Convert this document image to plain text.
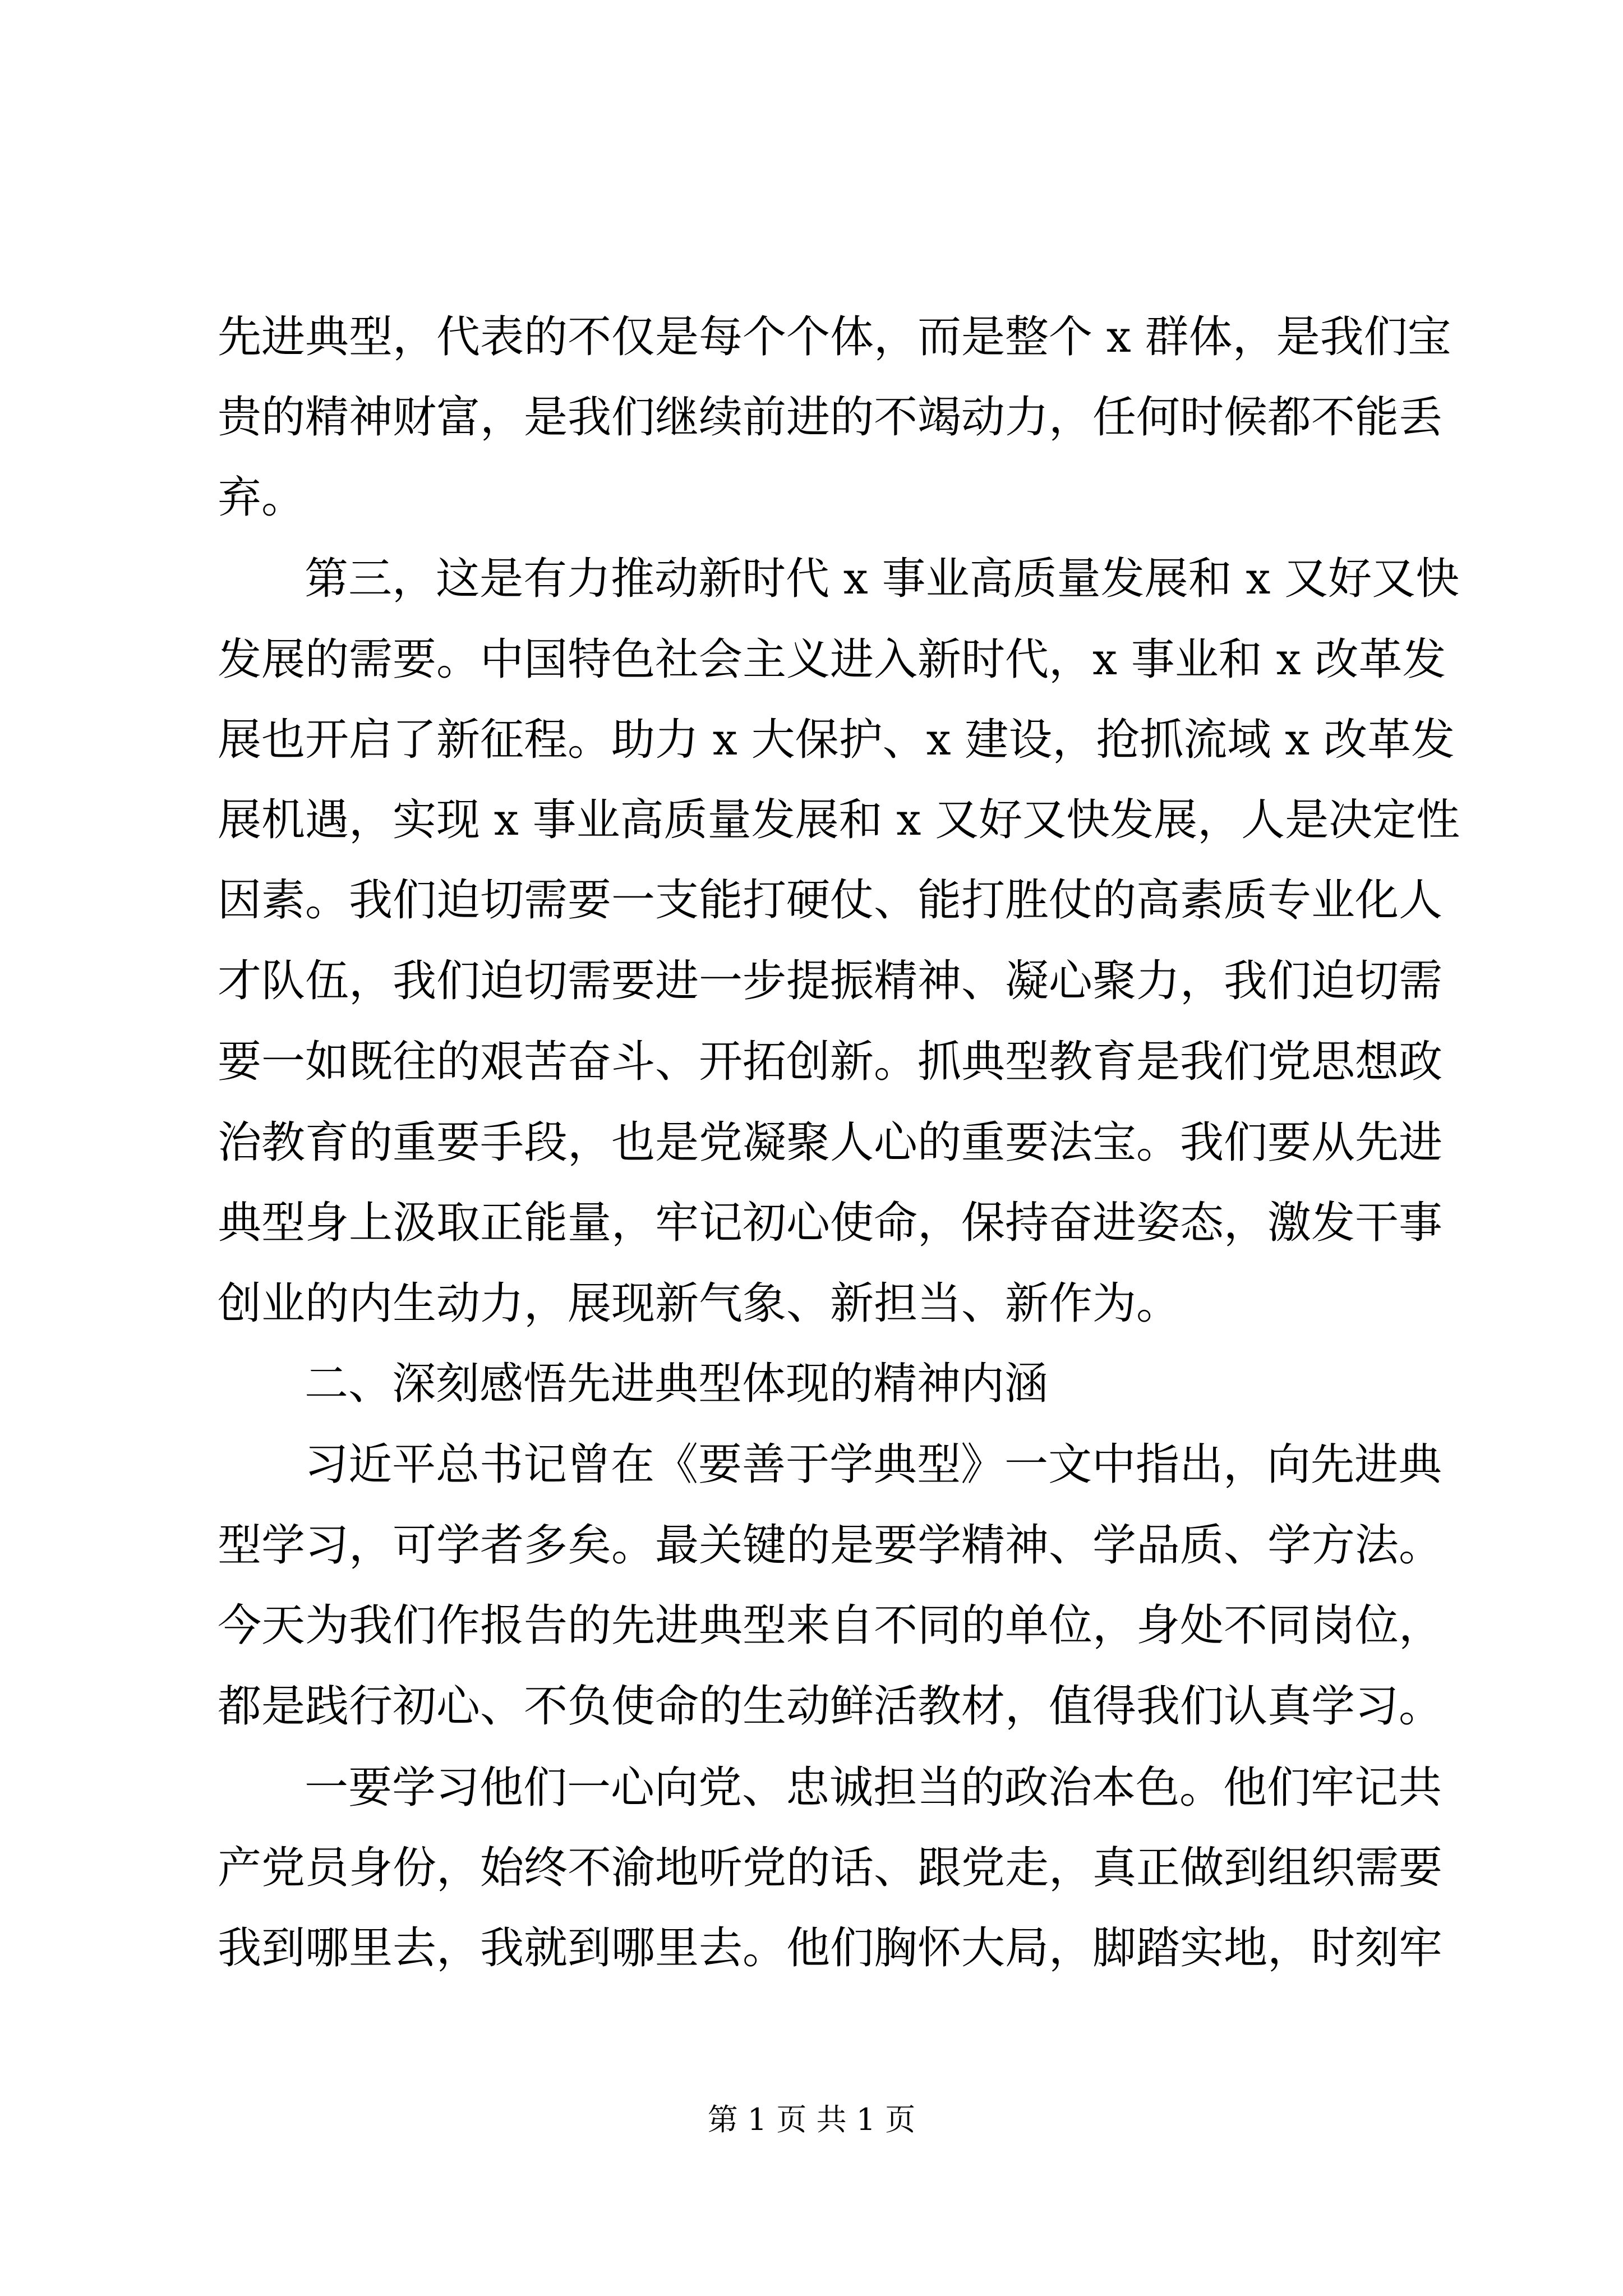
先进典型，代表的不仅是每个个体，而是整个 x 群体，是我们宝
贵的精神财富，是我们继续前进的不竭动力，任何时候都不能丢
弃。
第三，这是有力推动新时代 x 事业高质量发展和 x 又好又快
发展的需要。中国特色社会主义进入新时代，x 事业和 x 改革发
展也开启了新征程。助力 x 大保护、x 建设，抢抓流域 x 改革发
展机遇，实现 x 事业高质量发展和 x 又好又快发展，人是决定性
因素。我们迫切需要一支能打硬仗、能打胜仗的高素质专业化人
才队伍，我们迫切需要进一步提振精神、凝心聚力，我们迫切需
要一如既往的艰苦奋斗、开拓创新。抓典型教育是我们党思想政
治教育的重要手段，也是党凝聚人心的重要法宝。我们要从先进
典型身上汲取正能量，牢记初心使命，保持奋进姿态，激发干事
创业的内生动力，展现新气象、新担当、新作为。
二、深刻感悟先进典型体现的精神内涵
习近平总书记曾在《要善于学典型》一文中指出，向先进典
型学习，可学者多矣。最关键的是要学精神、学品质、学方法。
今天为我们作报告的先进典型来自不同的单位，身处不同岗位，
都是践行初心、不负使命的生动鲜活教材，值得我们认真学习。
一要学习他们一心向党、忠诚担当的政治本色。他们牢记共
产党员身份，始终不渝地听党的话、跟党走，真正做到组织需要
我到哪里去，我就到哪里去。他们胸怀大局，脚踏实地，时刻牢
第 1 页 共 1 页
